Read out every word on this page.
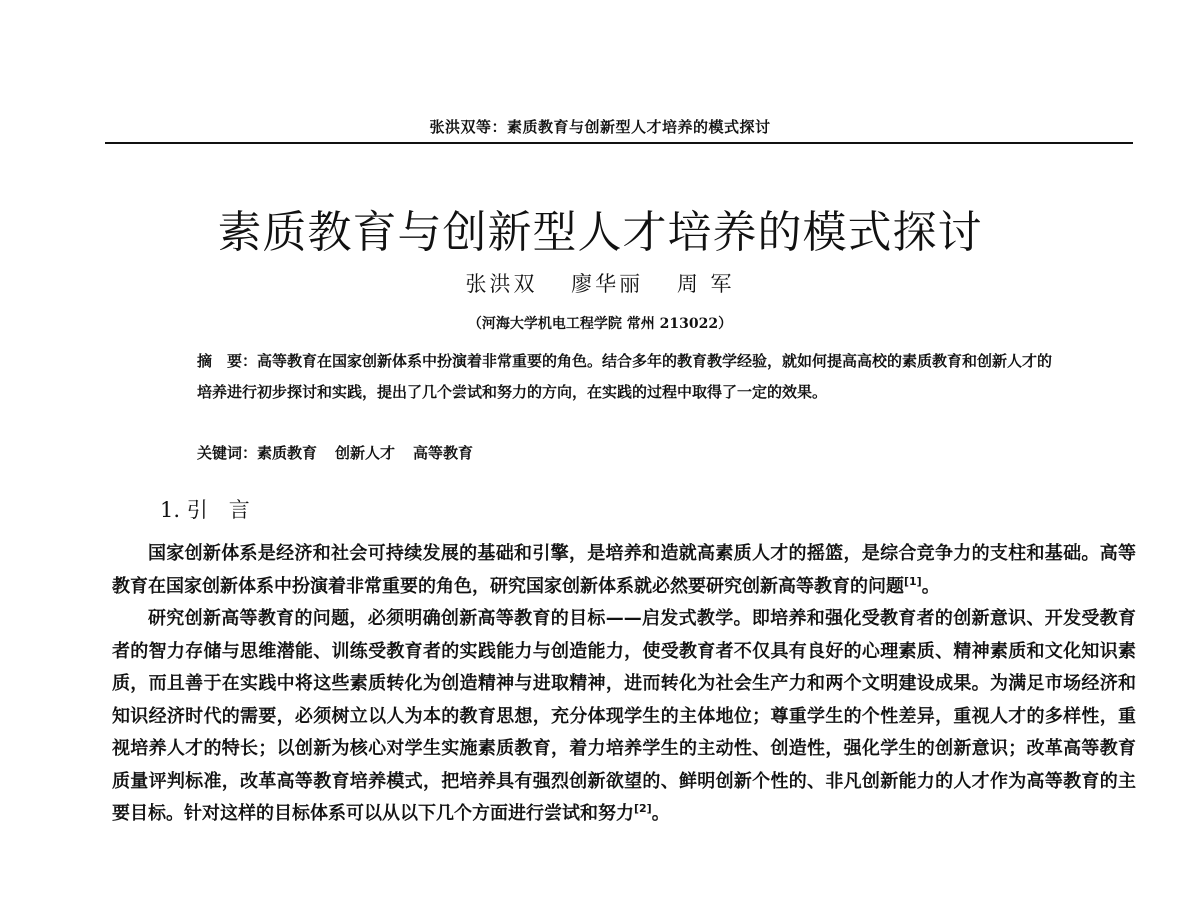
张洪双等：素质教育与创新型人才培养的模式探讨
素质教育与创新型人才培养的模式探讨
张洪双 廖华丽 周 军
（河海大学机电工程学院 常州 213022）
摘　要：高等教育在国家创新体系中扮演着非常重要的角色。结合多年的教育教学经验，就如何提高高校的素质教育和创新人才的培养进行初步探讨和实践，提出了几个尝试和努力的方向，在实践的过程中取得了一定的效果。
关键词：素质教育 创新人才 高等教育
1. 引　言

国家创新体系是经济和社会可持续发展的基础和引擎，是培养和造就高素质人才的摇篮，是综合竞争力的支柱和基础。高等教育在国家创新体系中扮演着非常重要的角色，研究国家创新体系就必然要研究创新高等教育的问题[1]。

研究创新高等教育的问题，必须明确创新高等教育的目标——启发式教学。即培养和强化受教育者的创新意识、开发受教育者的智力存储与思维潜能、训练受教育者的实践能力与创造能力，使受教育者不仅具有良好的心理素质、精神素质和文化知识素质，而且善于在实践中将这些素质转化为创造精神与进取精神，进而转化为社会生产力和两个文明建设成果。为满足市场经济和知识经济时代的需要，必须树立以人为本的教育思想，充分体现学生的主体地位；尊重学生的个性差异，重视人才的多样性，重视培养人才的特长；以创新为核心对学生实施素质教育，着力培养学生的主动性、创造性，强化学生的创新意识；改革高等教育质量评判标准，改革高等教育培养模式，把培养具有强烈创新欲望的、鲜明创新个性的、非凡创新能力的人才作为高等教育的主要目标。针对这样的目标体系可以从以下几个方面进行尝试和努力[2]。
